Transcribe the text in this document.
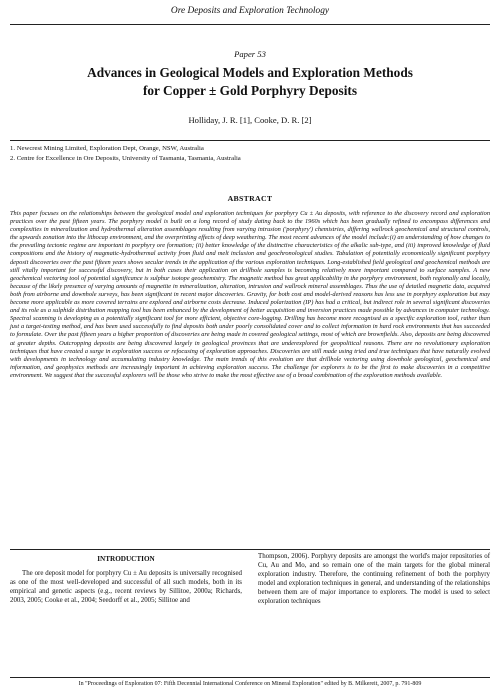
Ore Deposits and Exploration Technology
Paper 53
Advances in Geological Models and Exploration Methods
for Copper ± Gold Porphyry Deposits
Holliday, J. R. [1], Cooke, D. R. [2]
1. Newcrest Mining Limited, Exploration Dept, Orange, NSW, Australia
2. Centre for Excellence in Ore Deposits, University of Tasmania, Tasmania, Australia
ABSTRACT

This paper focuses on the relationships between the geological model and exploration techniques for porphyry Cu ± Au deposits, with reference to the discovery record and exploration practices over the past fifteen years. The porphyry model is built on a long record of study dating back to the 1960s which has been gradually refined to encompass differences and complexities in mineralization and hydrothermal alteration assemblages resulting from varying intrusion ('porphyry') chemistries, differing wallrock geochemical and structural controls, the upwards zonation into the lithocap environment, and the overprinting effects of deep weathering. The most recent advances of the model include:(i) an understanding of how changes to the prevailing tectonic regime are important in porphyry ore formation; (ii) better knowledge of the distinctive characteristics of the alkalic sub-type, and (iii) improved knowledge of fluid compositions and the history of magmatic-hydrothermal activity from fluid and melt inclusion and geochronological studies. Tabulation of potentially economically significant porphyry deposit discoveries over the past fifteen years shows secular trends in the application of the various exploration techniques. Long-established field geological and geochemical methods are still vitally important for successful discovery, but in both cases their application on drillhole samples is becoming relatively more important compared to surface samples. A new geochemical vectoring tool of potential significance is sulphur isotope geochemistry. The magnetic method has great applicability in the porphyry environment, both regionally and locally, because of the likely presence of varying amounts of magnetite in mineralization, alteration, intrusion and wallrock mineral assemblages. Thus the use of detailed magnetic data, acquired both from airborne and downhole surveys, has been significant in recent major discoveries. Gravity, for both cost and model-derived reasons has less use in porphyry exploration but may become more applicable as more covered terrains are explored and airborne costs decrease. Induced polarization (IP) has had a critical, but indirect role in several significant discoveries and its role as a sulphide distribution mapping tool has been enhanced by the development of better acquisition and inversion practices made possible by advances in computer technology. Spectral scanning is developing as a potentially significant tool for more efficient, objective core-logging. Drilling has become more recognised as a specific exploration tool, rather than just a target-testing method, and has been used successfully to find deposits both under poorly consolidated cover and to collect information in hard rock environments that has succeeded to formulate. Over the past fifteen years a higher proportion of discoveries are being made in covered geological settings, most of which are brownfields. Also, deposits are being discovered at greater depths. Outcropping deposits are being discovered largely in geological provinces that are underexplored for geopolitical reasons. There are no revolutionary exploration techniques that have created a surge in exploration success or refocusing of exploration approaches. Discoveries are still made using tried and true techniques that have naturally evolved with developments in technology and accumulating industry knowledge. The main trends of this evolution are that drillhole vectoring using downhole geological, geochemical and information, and geophysics methods are increasingly important in achieving exploration success. The challenge for explorers is to be the first to make discoveries in a competitive environment. We suggest that the successful explorers will be those who strive to make the most effective use of a broad combination of the exploration methods available.

INTRODUCTION

The ore deposit model for porphyry Cu ± Au deposits is universally recognised as one of the most well-developed and successful of all such models, both in its empirical and genetic aspects (e.g., recent reviews by Sillitoe, 2000a; Richards, 2003, 2005; Cooke et al., 2004; Seedorff et al., 2005; Sillitoe and

Thompson, 2006). Porphyry deposits are amongst the world's major repositories of Cu, Au and Mo, and so remain one of the main targets for the global mineral exploration industry. Therefore, the continuing refinement of both the porphyry model and exploration techniques in general, and understanding of the relationships between them are of major importance to explorers. The model is used to select exploration techniques

In "Proceedings of Exploration 07: Fifth Decennial International Conference on Mineral Exploration" edited by B. Milkereit, 2007, p. 791-809
